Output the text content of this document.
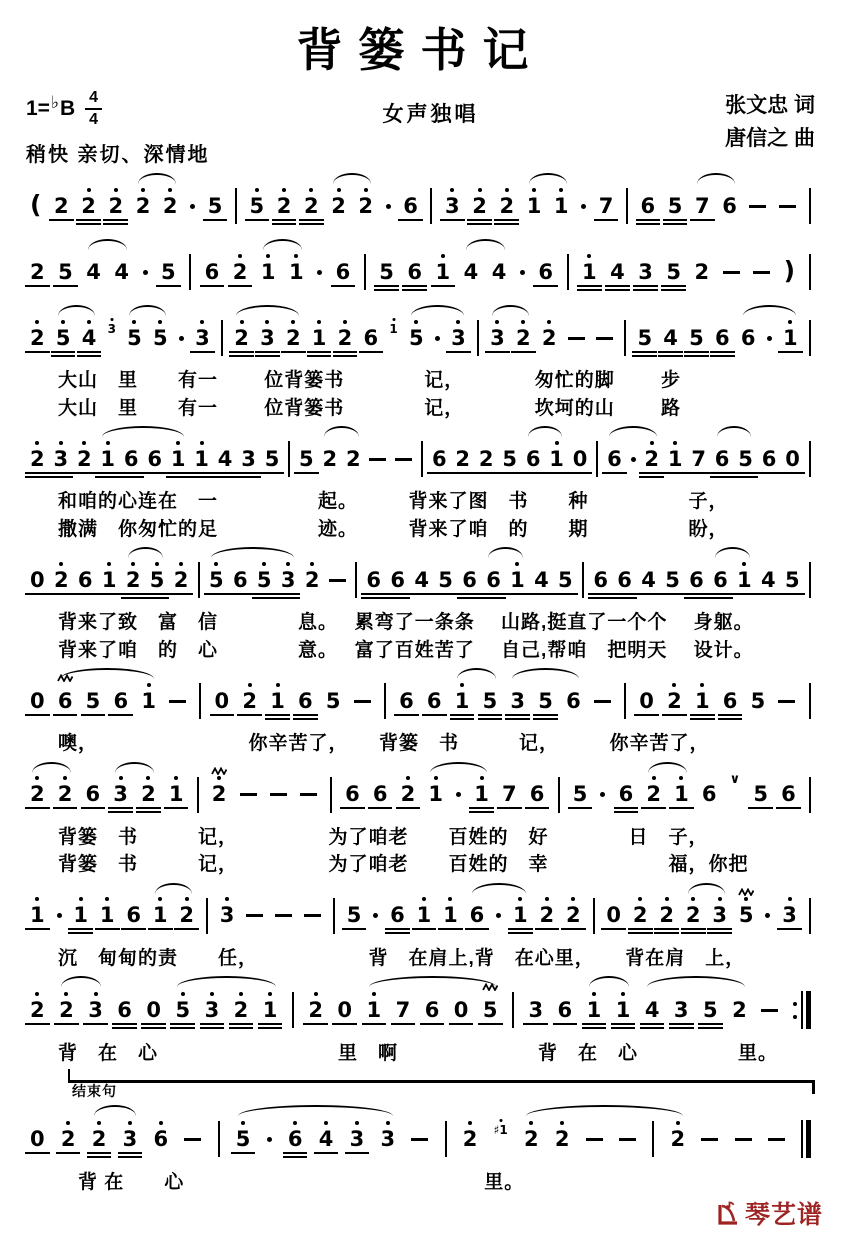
背篓书记
1= ♭ B $\frac{4}{4}$
稍快 亲切、深情地
女声独唱	张文忠 词
唐信之 曲
( 2 2 2 2 2 5 5 2 2 2 2 6 3 2 2 1 1 7 6 5 7 6
2 5 4 4 5 6 2 1 1 6 5 6 1 4 4 6 1 4 3 5 2	)
2 5 4 3 5 5 3 2 3 2 1 2 6 1 5 3 3 2 2	5 4 5 6 6 1
大山　里　　有一　　 位背篓书　　　　记，　　　　匆忙的脚　　 步
大山　里　　有一　　 位背篓书　　　　记，　　　　坎坷的山　　 路
2 3 2 1 6 6 1 1 4 3 5 5 2 2	6 2 2 5 6 1 0 6 2 1 7 6 5 6 0
和咱的心连在　一　　　　　起。　　　背来了图　书　　种　　　　　子，
撒满　你匆忙的足　　　　　迹。　　　背来了咱　的　　期　　　　　盼，
0 2 6 1 2 5 2 5 6 5 3 2 6 6 4 5 6 6 1 4 5 6 6 4 5 6 6 1 4 5
背来了致　富　信　　　　息。　 累弯了一条条　 山路,挺直了一个个　 身躯。
背来了咱　的　心　　　　意。　 富了百姓苦了　 自己,帮咱　把明天　 设计。
0 6 5 6 1	0 2 1 6 5	6 6 1 5 3 5 6	0 2 1 6 5
噢，　　　　　　　　你辛苦了，　　背篓　书　　　记，　　　你辛苦了，
2 2 6 3 2 1 2	6 6 2 1 1 7 6 5 6 2 1 6
∨
5 6
背篓　书　　　记，　　　　　为了咱老　　百姓的　好　　　　日　子，
背篓　书　　　记，　　　　　为了咱老　　百姓的　幸　　　　　　福，你把
1 1 1 6 1 2 3	5 6 1 1 6 1 2 2 0 2 2 2 3 5 3
沉　甸甸的责　　任，　　　　　　背　在肩上,背　在心里，　　背在肩　上，
2 2 3 6 0 5 3 2 1 2 0 1 7 6 0 5 3 6 1 1 4 3 5 2
背　在　心　　　　　　　　　里　啊　　　　　　　背　在　心　　　　　里。
结束句
0 2 2 3 6	5 6 4 3 3	2 ♯1 2 2	2
　背 在　　心　　　　　　　　　　　　　　　里。
琴艺谱
